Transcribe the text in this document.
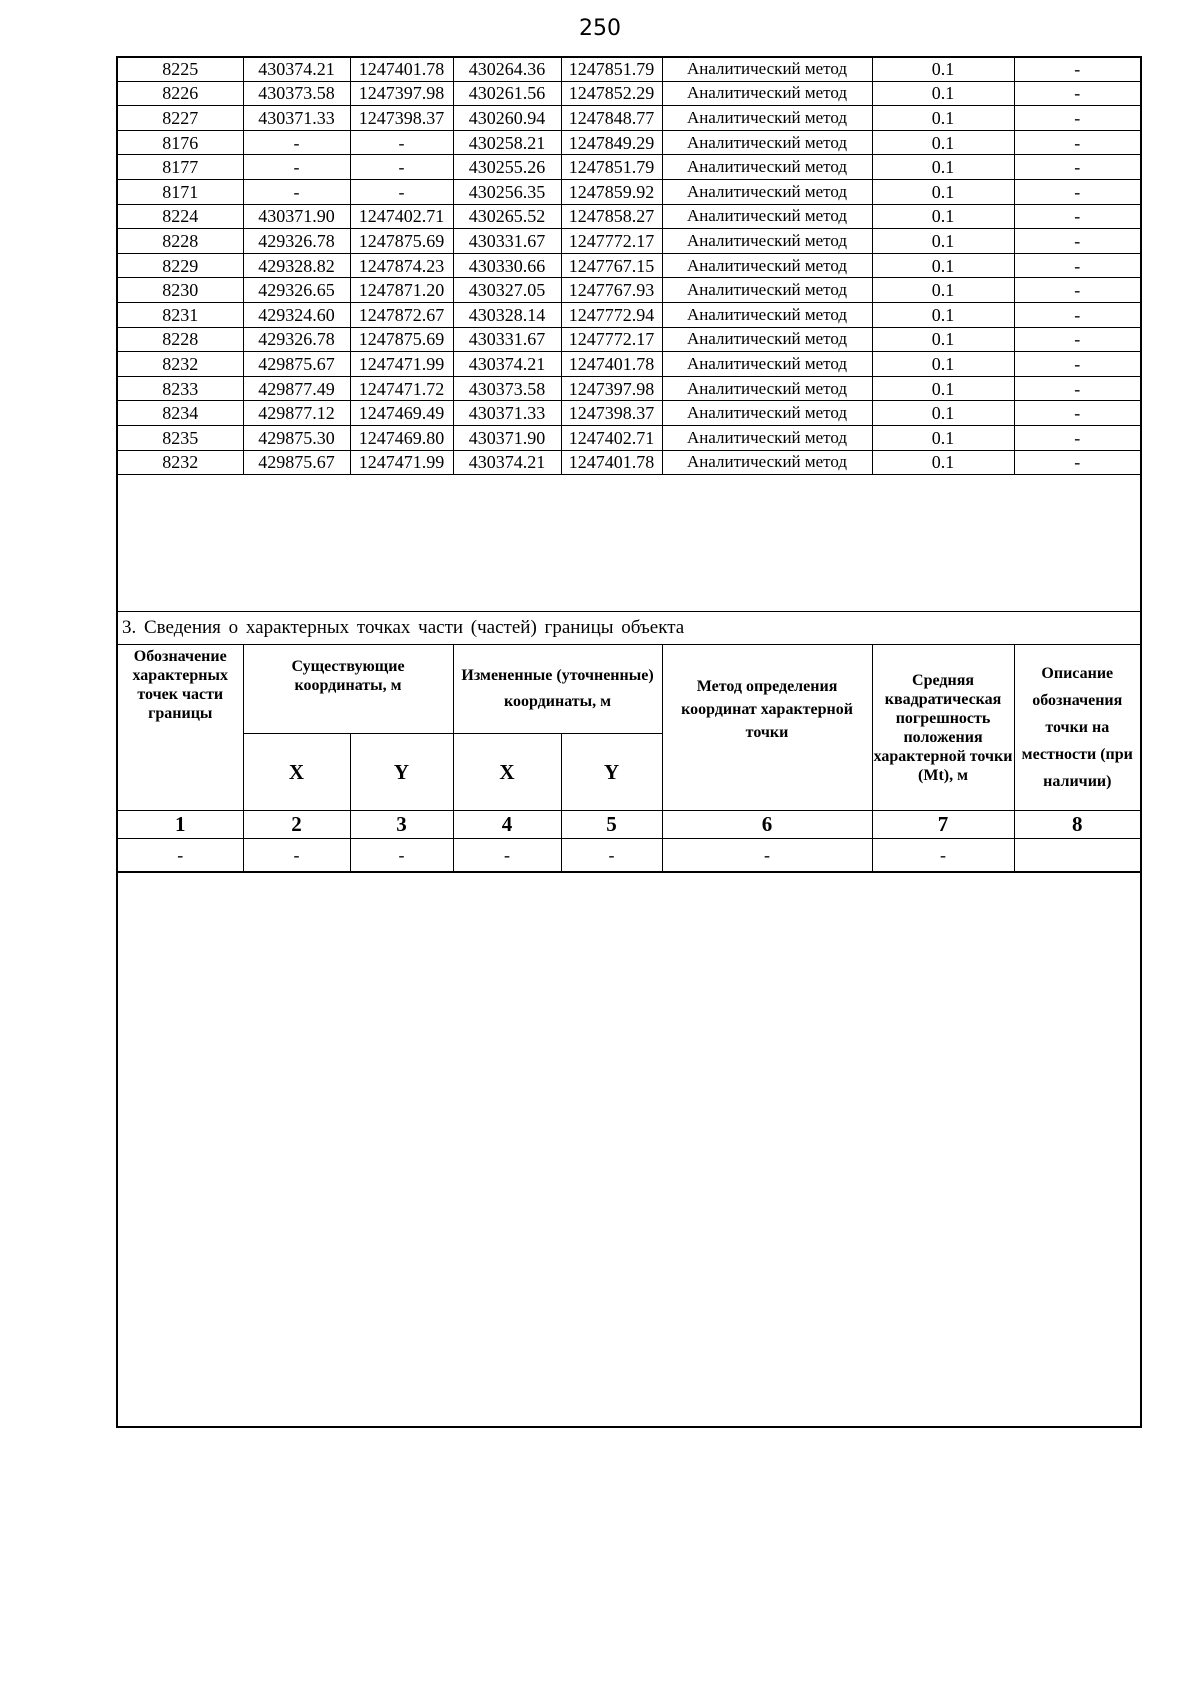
250
8225	430374.21	1247401.78	430264.36	1247851.79	Аналитический метод	0.1	-
8226	430373.58	1247397.98	430261.56	1247852.29	Аналитический метод	0.1	-
8227	430371.33	1247398.37	430260.94	1247848.77	Аналитический метод	0.1	-
8176	-	-	430258.21	1247849.29	Аналитический метод	0.1	-
8177	-	-	430255.26	1247851.79	Аналитический метод	0.1	-
8171	-	-	430256.35	1247859.92	Аналитический метод	0.1	-
8224	430371.90	1247402.71	430265.52	1247858.27	Аналитический метод	0.1	-
8228	429326.78	1247875.69	430331.67	1247772.17	Аналитический метод	0.1	-
8229	429328.82	1247874.23	430330.66	1247767.15	Аналитический метод	0.1	-
8230	429326.65	1247871.20	430327.05	1247767.93	Аналитический метод	0.1	-
8231	429324.60	1247872.67	430328.14	1247772.94	Аналитический метод	0.1	-
8228	429326.78	1247875.69	430331.67	1247772.17	Аналитический метод	0.1	-
8232	429875.67	1247471.99	430374.21	1247401.78	Аналитический метод	0.1	-
8233	429877.49	1247471.72	430373.58	1247397.98	Аналитический метод	0.1	-
8234	429877.12	1247469.49	430371.33	1247398.37	Аналитический метод	0.1	-
8235	429875.30	1247469.80	430371.90	1247402.71	Аналитический метод	0.1	-
8232	429875.67	1247471.99	430374.21	1247401.78	Аналитический метод	0.1	-
3. Сведения о характерных точках части (частей) границы объекта
Обозначение характерных точек части границы	Существующие координаты, м		Измененные (уточненные) координаты, м		Метод определения координат характерной точки	Средняя квадратическая погрешность положения характерной точки (Mt), м	Описание обозначения точки на местности (при наличии)
	X	Y	X	Y			
1	2	3	4	5	6	7	8
-	-	-	-	-	-	-	
